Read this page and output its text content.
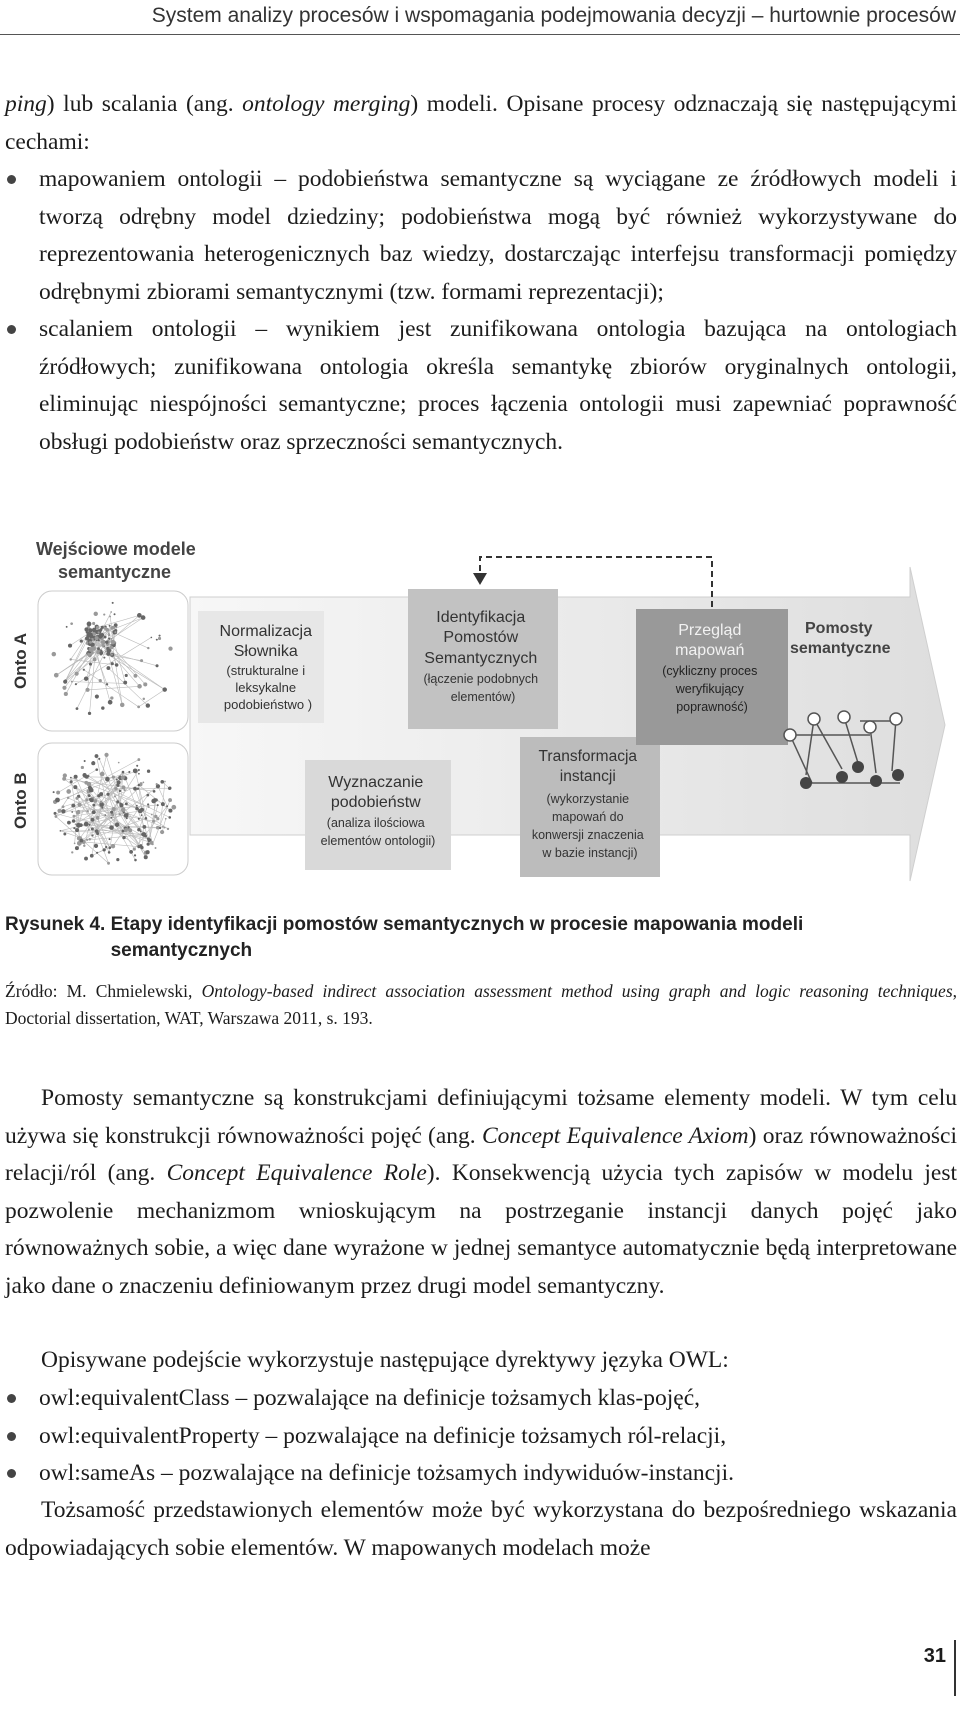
System analizy procesów i wspomagania podejmowania decyzji – hurtownie procesów

ping) lub scalania (ang. ontology merging) modeli. Opisane procesy odznaczają się następującymi cechami:

mapowaniem ontologii – podobieństwa semantyczne są wyciągane ze źródłowych modeli i tworzą odrębny model dziedziny; podobieństwa mogą być również wykorzystywane do reprezentowania heterogenicznych baz wiedzy, dostarczając interfejsu transformacji pomiędzy odrębnymi zbiorami semantycznymi (tzw. formami reprezentacji);
scalaniem ontologii – wynikiem jest zunifikowana ontologia bazująca na ontologiach źródłowych; zunifikowana ontologia określa semantykę zbiorów oryginalnych ontologii, eliminując niespójności semantyczne; proces łączenia ontologii musi zapewniać poprawność obsługi podobieństw oraz sprzeczności semantycznych.
Wejściowe modele
semantyczne
Onto A
Onto B
Normalizacja Słownika (strukturalne i leksykalne podobieństwo )
Wyznaczanie podobieństw (analiza ilościowa elementów ontologii)
Identyfikacja Pomostów Semantycznych (łączenie podobnych elementów)
Transformacja instancji (wykorzystanie mapowań do konwersji znaczenia w bazie instancji)
Przegląd mapowań (cykliczny proces weryfikujący poprawność)
Pomosty
semantyczne
Rysunek 4. Etapy identyfikacji pomostów semantycznych w procesie mapowania modeli semantycznych
Źródło: M. Chmielewski, Ontology-based indirect association assessment method using graph and logic reasoning techniques, Doctorial dissertation, WAT, Warszawa 2011, s. 193.

Pomosty semantyczne są konstrukcjami definiującymi tożsame elementy modeli. W tym celu używa się konstrukcji równoważności pojęć (ang. Concept Equivalence Axiom) oraz równoważności relacji/ról (ang. Concept Equivalence Role). Konsekwencją użycia tych zapisów w modelu jest pozwolenie mechanizmom wnioskującym na postrzeganie instancji danych pojęć jako równoważnych sobie, a więc dane wyrażone w jednej semantyce automatycznie będą interpretowane jako dane o znaczeniu definiowanym przez drugi model semantyczny.

Opisywane podejście wykorzystuje następujące dyrektywy języka OWL:

owl:equivalentClass – pozwalające na definicje tożsamych klas-pojęć,
owl:equivalentProperty – pozwalające na definicje tożsamych ról-relacji,
owl:sameAs – pozwalające na definicje tożsamych indywiduów-instancji.

Tożsamość przedstawionych elementów może być wykorzystana do bezpośredniego wskazania odpowiadających sobie elementów. W mapowanych modelach może

31
